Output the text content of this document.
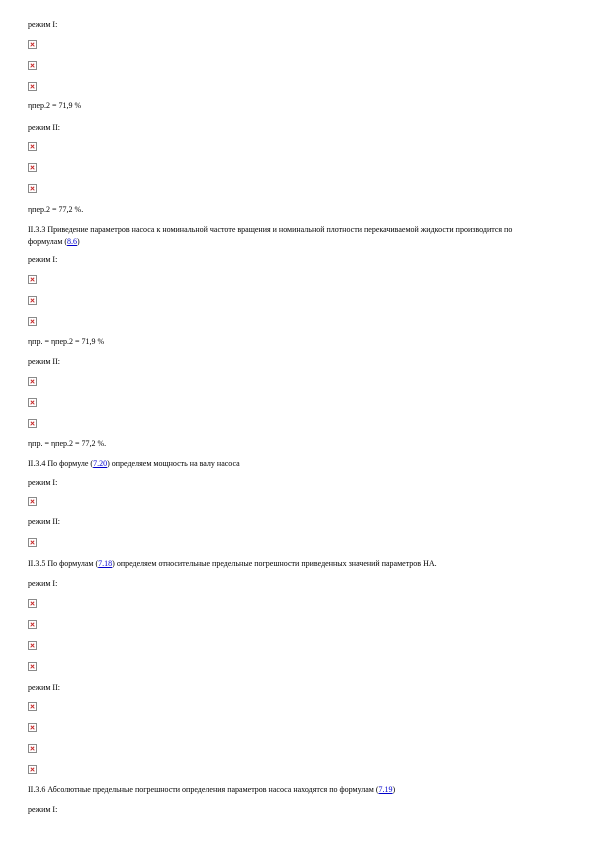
режим I:
ηпер.2 = 71,9 %
режим II:
ηпер.2 = 77,2 %.
II.3.3 Приведение параметров насоса к номинальной частоте вращения и номинальной плотности перекачиваемой жидкости производится по формулам (8.6)
режим I:
ηпр. = ηпер.2 = 71,9 %
режим II:
ηпр. = ηпер.2 = 77,2 %.
II.3.4 По формуле (7.20) определяем мощность на валу насоса
режим I:
режим II:
II.3.5 По формулам (7.18) определяем относительные предельные погрешности приведенных значений параметров НА.
режим I:
режим II:
II.3.6 Абсолютные предельные погрешности определения параметров насоса находятся по формулам (7.19)
режим I:
